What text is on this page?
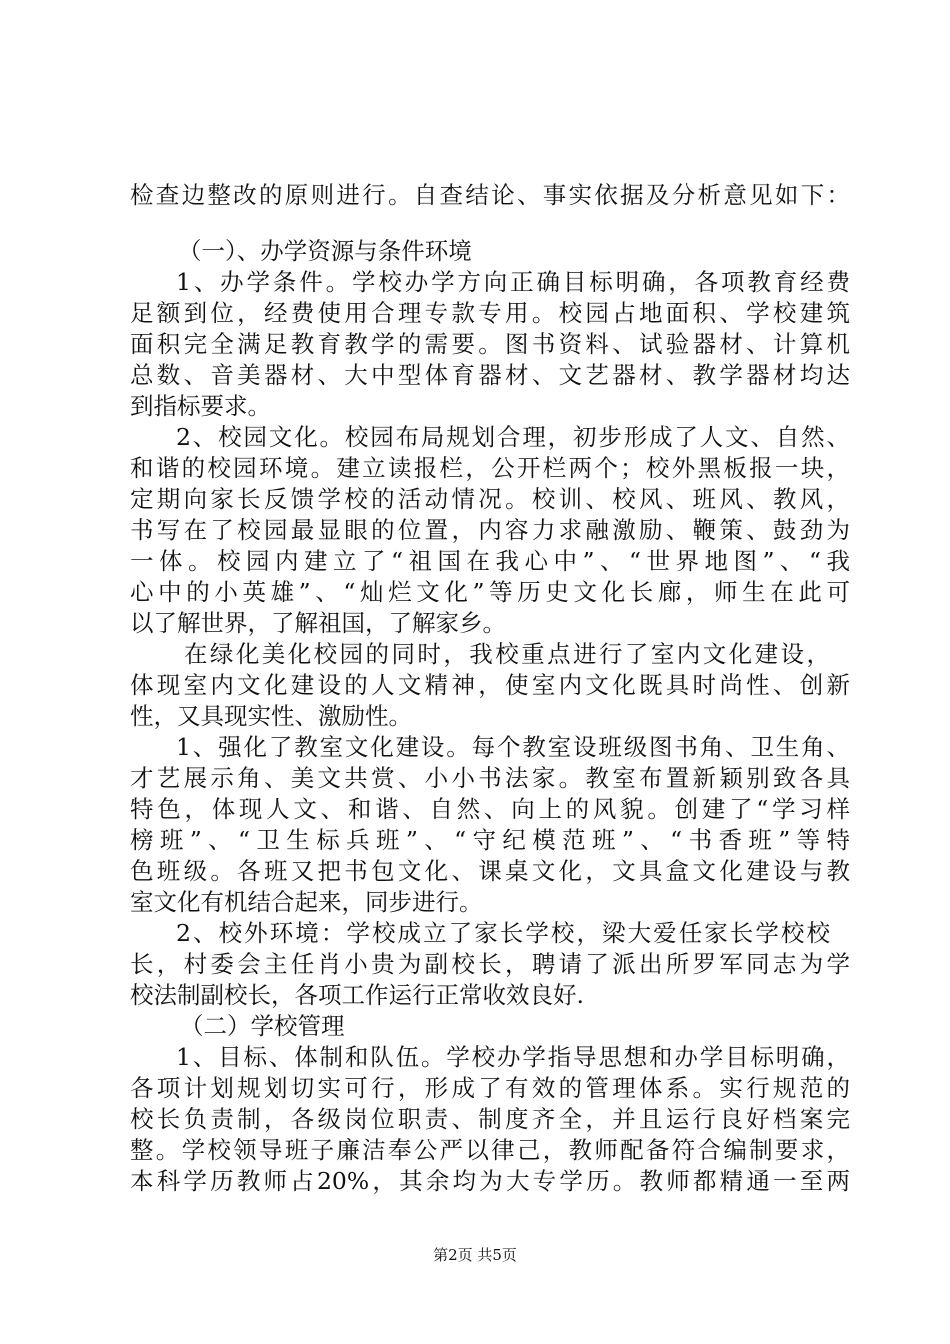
检查边整改的原则进行。自查结论、事实依据及分析意见如下：
（一）、办学资源与条件环境
1、办学条件。学校办学方向正确目标明确，各项教育经费
足额到位，经费使用合理专款专用。校园占地面积、学校建筑
面积完全满足教育教学的需要。图书资料、试验器材、计算机
总数、音美器材、大中型体育器材、文艺器材、教学器材均达
到指标要求。
2、校园文化。校园布局规划合理，初步形成了人文、自然、
和谐的校园环境。建立读报栏，公开栏两个；校外黑板报一块，
定期向家长反馈学校的活动情况。校训、校风、班风、教风，
书写在了校园最显眼的位置，内容力求融激励、鞭策、鼓劲为
一体。校园内建立了“祖国在我心中”、“世界地图”、“我
心中的小英雄”、“灿烂文化”等历史文化长廊，师生在此可
以了解世界，了解祖国，了解家乡。
在绿化美化校园的同时，我校重点进行了室内文化建设，
体现室内文化建设的人文精神，使室内文化既具时尚性、创新
性，又具现实性、激励性。
1、强化了教室文化建设。每个教室设班级图书角、卫生角、
才艺展示角、美文共赏、小小书法家。教室布置新颖别致各具
特色，体现人文、和谐、自然、向上的风貌。创建了“学习样
榜班”、“卫生标兵班”、“守纪模范班”、“书香班”等特
色班级。各班又把书包文化、课桌文化，文具盒文化建设与教
室文化有机结合起来，同步进行。
2、校外环境：学校成立了家长学校，梁大爱任家长学校校
长，村委会主任肖小贵为副校长，聘请了派出所罗军同志为学
校法制副校长，各项工作运行正常收效良好.
（二）学校管理
1、目标、体制和队伍。学校办学指导思想和办学目标明确，
各项计划规划切实可行，形成了有效的管理体系。实行规范的
校长负责制，各级岗位职责、制度齐全，并且运行良好档案完
整。学校领导班子廉洁奉公严以律己，教师配备符合编制要求，
本科学历教师占20%，其余均为大专学历。教师都精通一至两
第2页 共5页
